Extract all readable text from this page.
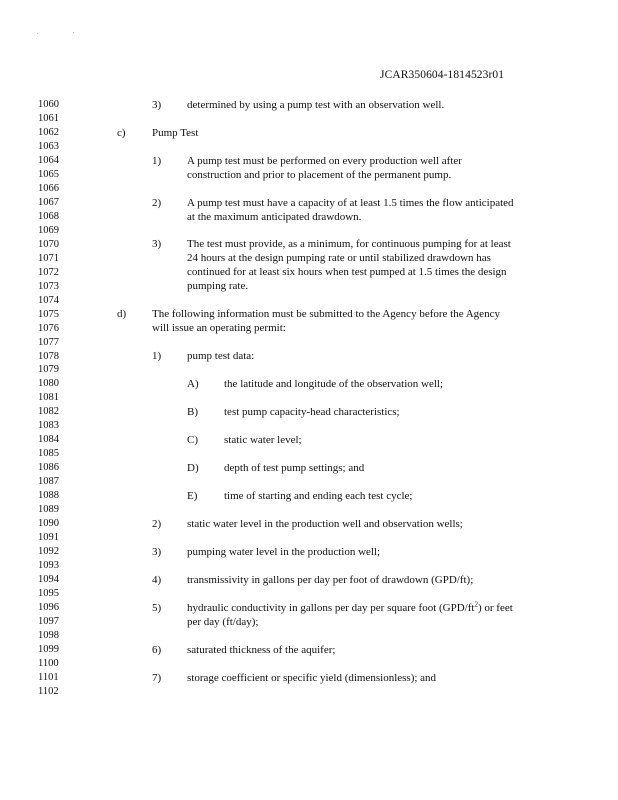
JCAR350604-1814523r01
1060
1061
1062
1063
1064
1065
1066
1067
1068
1069
1070
1071
1072
1073
1074
1075
1076
1077
1078
1079
1080
1081
1082
1083
1084
1085
1086
1087
1088
1089
1090
1091
1092
1093
1094
1095
1096
1097
1098
1099
1100
1101
1102
3) determined by using a pump test with an observation well.
c) Pump Test
1) A pump test must be performed on every production well after
construction and prior to placement of the permanent pump.
2) A pump test must have a capacity of at least 1.5 times the flow anticipated
at the maximum anticipated drawdown.
3) The test must provide, as a minimum, for continuous pumping for at least
24 hours at the design pumping rate or until stabilized drawdown has
continued for at least six hours when test pumped at 1.5 times the design
pumping rate.
d) The following information must be submitted to the Agency before the Agency
will issue an operating permit:
1) pump test data:
A) the latitude and longitude of the observation well;
B) test pump capacity-head characteristics;
C) static water level;
D) depth of test pump settings; and
E) time of starting and ending each test cycle;
2) static water level in the production well and observation wells;
3) pumping water level in the production well;
4) transmissivity in gallons per day per foot of drawdown (GPD/ft);
5) hydraulic conductivity in gallons per day per square foot $(GPD/ft^2)$ or feet
per day (ft/day);
6) saturated thickness of the aquifer;
7) storage coefficient or specific yield (dimensionless); and
